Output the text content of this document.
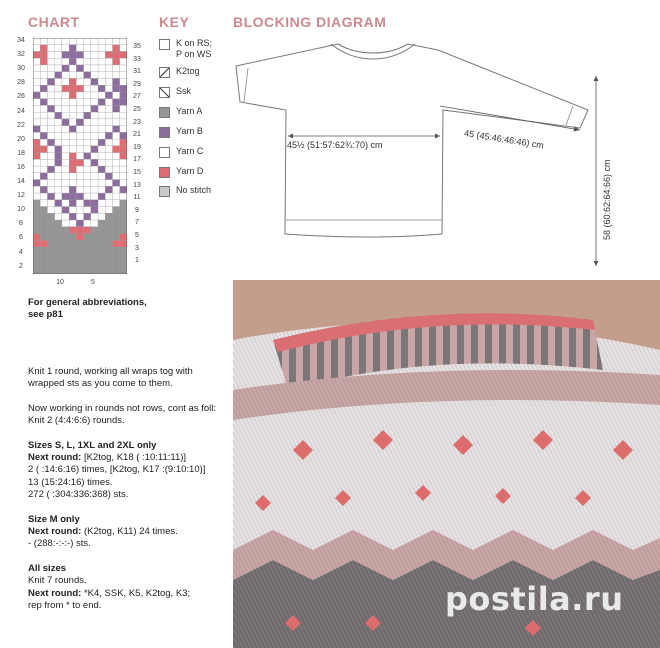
CHART	KEY	BLOCKING DIAGRAM
34
32
30
28
26
24
22
20
18
16
14
12
10
8
6
4
2
35
33
31
29
27
25
23
21
19
17
15
13
11
9
7
5
3
1
10	5
K on RS;
P on WS
K2tog
Ssk
Yarn A
Yarn B
Yarn C
Yarn D
No stitch
For general abbreviations,
see p81
45½ (51:57:62¾:70) cm	45 (45:46:46:46) cm
58 (60:62:64:66) cm

Knit 1 round, working all wraps tog with wrapped sts as you come to them.

Now working in rounds not rows, cont as foll:
Knit 2 (4:4:6:6) rounds.

Sizes S, L, 1XL and 2XL only
Next round: [K2tog, K18 ( :10:11:11)]
2 ( :14:6:16) times, [K2tog, K17 :(9:10:10)]
13 (15:24:16) times.
272 ( :304:336:368) sts.

Size M only
Next round: (K2tog, K11) 24 times.
- (288:-:-:-) sts.

All sizes
Knit 7 rounds.
Next round: *K4, SSK, K5, K2tog, K3;
rep from * to end.	postila.ru
